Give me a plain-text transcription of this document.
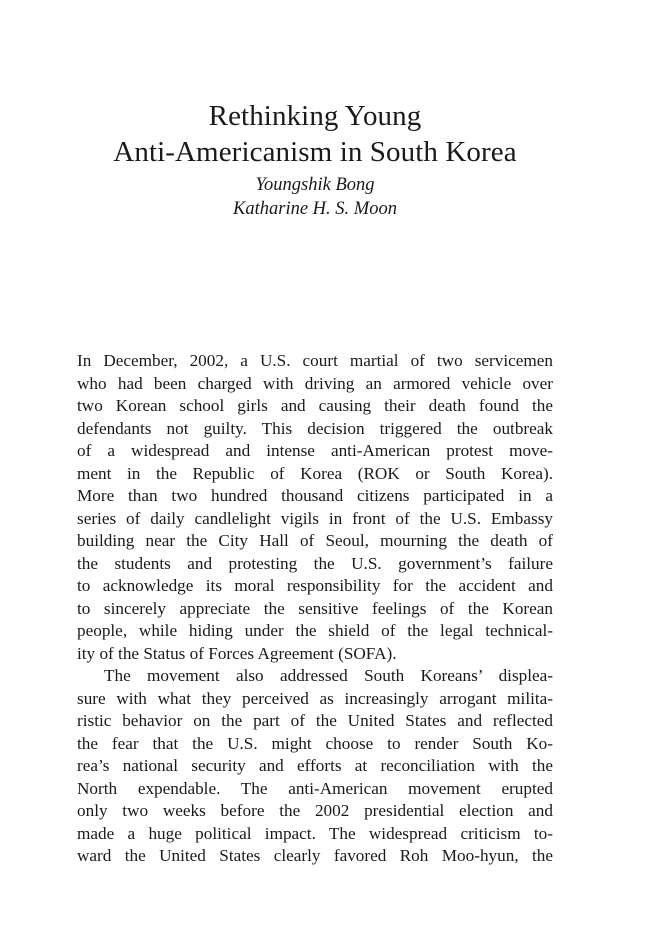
Rethinking Young
Anti-Americanism in South Korea

Youngshik Bong

Katharine H. S. Moon

In December, 2002, a U.S. court martial of two servicemen
who had been charged with driving an armored vehicle over
two Korean school girls and causing their death found the
defendants not guilty. This decision triggered the outbreak
of a widespread and intense anti-American protest move-
ment in the Republic of Korea (ROK or South Korea).
More than two hundred thousand citizens participated in a
series of daily candlelight vigils in front of the U.S. Embassy
building near the City Hall of Seoul, mourning the death of
the students and protesting the U.S. government’s failure
to acknowledge its moral responsibility for the accident and
to sincerely appreciate the sensitive feelings of the Korean
people, while hiding under the shield of the legal technical-
ity of the Status of Forces Agreement (SOFA).

The movement also addressed South Koreans’ displea-
sure with what they perceived as increasingly arrogant milita-
ristic behavior on the part of the United States and reflected
the fear that the U.S. might choose to render South Ko-
rea’s national security and efforts at reconciliation with the
North expendable. The anti-American movement erupted
only two weeks before the 2002 presidential election and
made a huge political impact. The widespread criticism to-
ward the United States clearly favored Roh Moo-hyun, the
